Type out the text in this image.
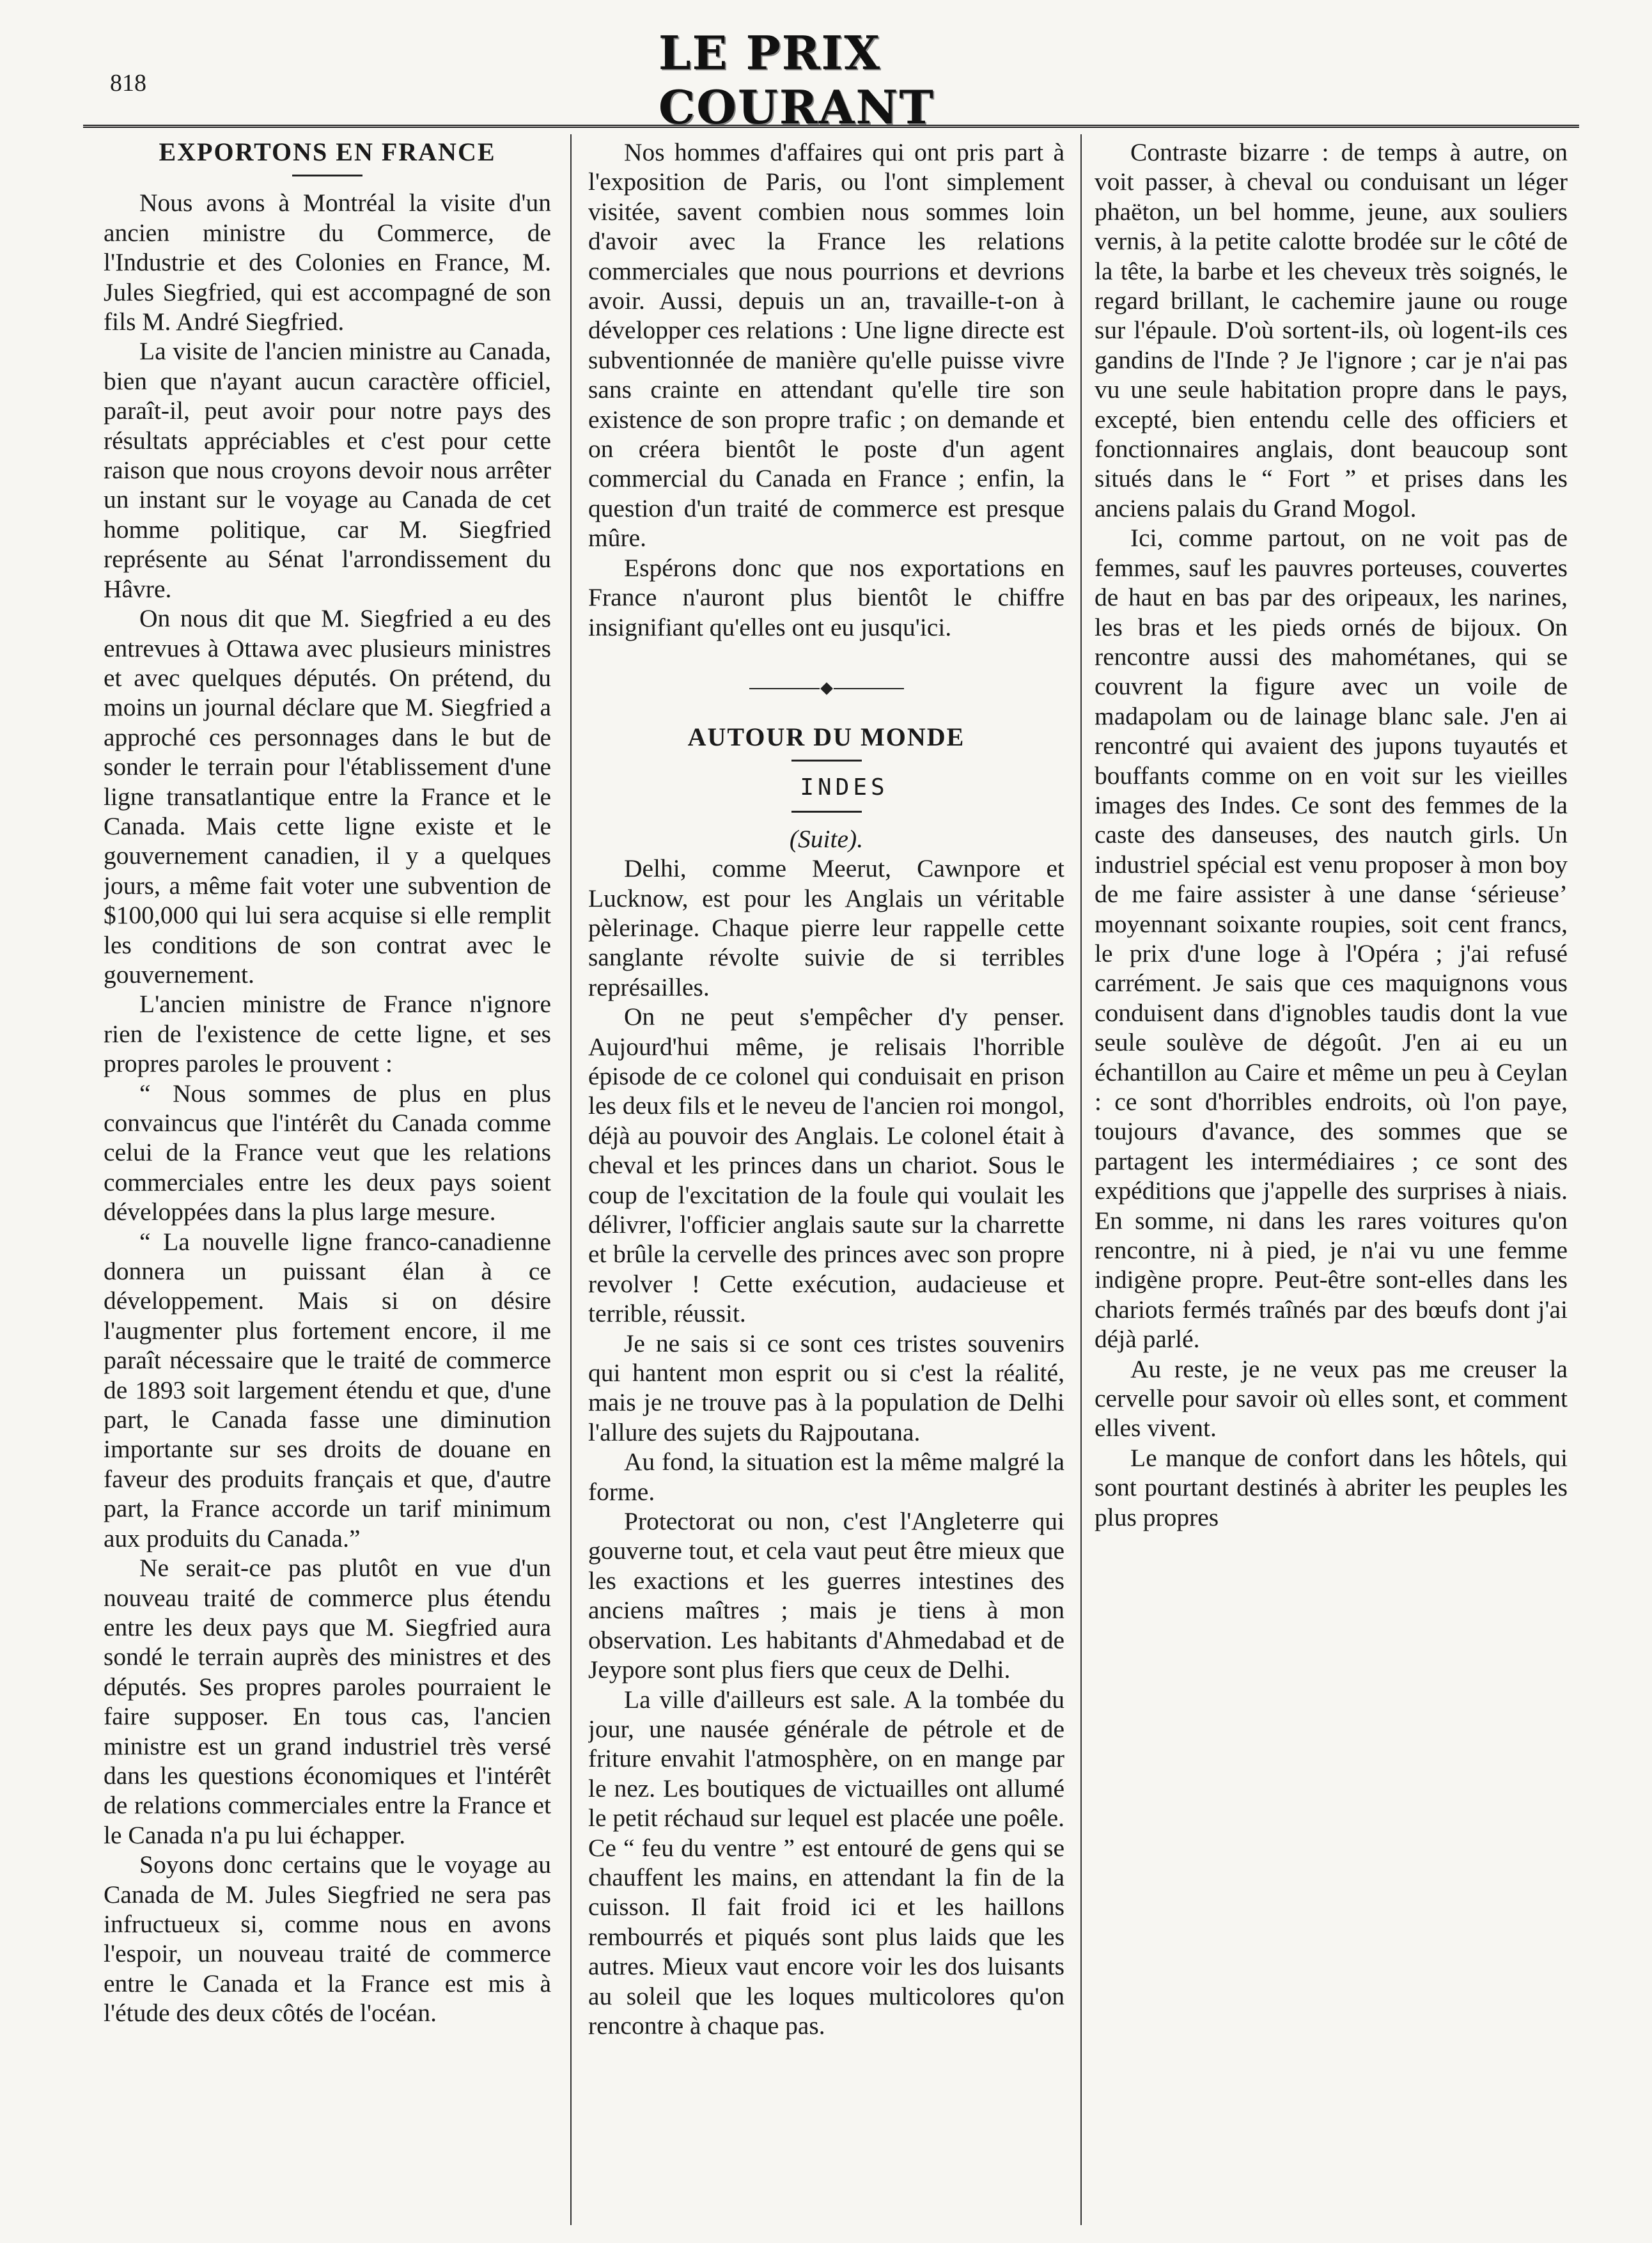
818
LE PRIX COURANT

EXPORTONS EN FRANCE

Nous avons à Montréal la visite d'un ancien ministre du Commerce, de l'Industrie et des Colonies en France, M. Jules Siegfried, qui est accompagné de son fils M. André Siegfried.

La visite de l'ancien ministre au Canada, bien que n'ayant aucun caractère officiel, paraît-il, peut avoir pour notre pays des résultats appréciables et c'est pour cette raison que nous croyons devoir nous arrêter un instant sur le voyage au Canada de cet homme politique, car M. Siegfried représente au Sénat l'arrondissement du Hâvre.

On nous dit que M. Siegfried a eu des entrevues à Ottawa avec plusieurs ministres et avec quelques députés. On prétend, du moins un journal déclare que M. Siegfried a approché ces personnages dans le but de sonder le terrain pour l'établissement d'une ligne transatlantique entre la France et le Canada. Mais cette ligne existe et le gouvernement canadien, il y a quelques jours, a même fait voter une subvention de $100,000 qui lui sera acquise si elle remplit les conditions de son contrat avec le gouvernement.

L'ancien ministre de France n'ignore rien de l'existence de cette ligne, et ses propres paroles le prouvent :

“ Nous sommes de plus en plus convaincus que l'intérêt du Canada comme celui de la France veut que les relations commerciales entre les deux pays soient développées dans la plus large mesure.

“ La nouvelle ligne franco-canadienne donnera un puissant élan à ce développement. Mais si on désire l'augmenter plus fortement encore, il me paraît nécessaire que le traité de commerce de 1893 soit largement étendu et que, d'une part, le Canada fasse une diminution importante sur ses droits de douane en faveur des produits français et que, d'autre part, la France accorde un tarif minimum aux produits du Canada.”

Ne serait-ce pas plutôt en vue d'un nouveau traité de commerce plus étendu entre les deux pays que M. Siegfried aura sondé le terrain auprès des ministres et des députés. Ses propres paroles pourraient le faire supposer. En tous cas, l'ancien ministre est un grand industriel très versé dans les questions économiques et l'intérêt de relations commerciales entre la France et le Canada n'a pu lui échapper.

Soyons donc certains que le voyage au Canada de M. Jules Siegfried ne sera pas infructueux si, comme nous en avons l'espoir, un nouveau traité de commerce entre le Canada et la France est mis à l'étude des deux côtés de l'océan.

Nos hommes d'affaires qui ont pris part à l'exposition de Paris, ou l'ont simplement visitée, savent combien nous sommes loin d'avoir avec la France les relations commerciales que nous pourrions et devrions avoir. Aussi, depuis un an, travaille-t-on à développer ces relations : Une ligne directe est subventionnée de manière qu'elle puisse vivre sans crainte en attendant qu'elle tire son existence de son propre trafic ; on demande et on créera bientôt le poste d'un agent commercial du Canada en France ; enfin, la question d'un traité de commerce est presque mûre.

Espérons donc que nos exportations en France n'auront plus bientôt le chiffre insignifiant qu'elles ont eu jusqu'ici.

AUTOUR DU MONDE

INDES

(Suite).

Delhi, comme Meerut, Cawnpore et Lucknow, est pour les Anglais un véritable pèlerinage. Chaque pierre leur rappelle cette sanglante révolte suivie de si terribles représailles.

On ne peut s'empêcher d'y penser. Aujourd'hui même, je relisais l'horrible épisode de ce colonel qui conduisait en prison les deux fils et le neveu de l'ancien roi mongol, déjà au pouvoir des Anglais. Le colonel était à cheval et les princes dans un chariot. Sous le coup de l'excitation de la foule qui voulait les délivrer, l'officier anglais saute sur la charrette et brûle la cervelle des princes avec son propre revolver ! Cette exécution, audacieuse et terrible, réussit.

Je ne sais si ce sont ces tristes souvenirs qui hantent mon esprit ou si c'est la réalité, mais je ne trouve pas à la population de Delhi l'allure des sujets du Rajpoutana.

Au fond, la situation est la même malgré la forme.

Protectorat ou non, c'est l'Angleterre qui gouverne tout, et cela vaut peut être mieux que les exactions et les guerres intestines des anciens maîtres ; mais je tiens à mon observation. Les habitants d'Ahmedabad et de Jeypore sont plus fiers que ceux de Delhi.

La ville d'ailleurs est sale. A la tombée du jour, une nausée générale de pétrole et de friture envahit l'atmosphère, on en mange par le nez. Les boutiques de victuailles ont allumé le petit réchaud sur lequel est placée une poêle. Ce “ feu du ventre ” est entouré de gens qui se chauffent les mains, en attendant la fin de la cuisson. Il fait froid ici et les haillons rembourrés et piqués sont plus laids que les autres. Mieux vaut encore voir les dos luisants au soleil que les loques multicolores qu'on rencontre à chaque pas.

Contraste bizarre : de temps à autre, on voit passer, à cheval ou conduisant un léger phaëton, un bel homme, jeune, aux souliers vernis, à la petite calotte brodée sur le côté de la tête, la barbe et les cheveux très soignés, le regard brillant, le cachemire jaune ou rouge sur l'épaule. D'où sortent-ils, où logent-ils ces gandins de l'Inde ? Je l'ignore ; car je n'ai pas vu une seule habitation propre dans le pays, excepté, bien entendu celle des officiers et fonctionnaires anglais, dont beaucoup sont situés dans le “ Fort ” et prises dans les anciens palais du Grand Mogol.

Ici, comme partout, on ne voit pas de femmes, sauf les pauvres porteuses, couvertes de haut en bas par des oripeaux, les narines, les bras et les pieds ornés de bijoux. On rencontre aussi des mahométanes, qui se couvrent la figure avec un voile de madapolam ou de lainage blanc sale. J'en ai rencontré qui avaient des jupons tuyautés et bouffants comme on en voit sur les vieilles images des Indes. Ce sont des femmes de la caste des danseuses, des nautch girls. Un industriel spécial est venu proposer à mon boy de me faire assister à une danse ‘sérieuse’ moyennant soixante roupies, soit cent francs, le prix d'une loge à l'Opéra ; j'ai refusé carrément. Je sais que ces maquignons vous conduisent dans d'ignobles taudis dont la vue seule soulève de dégoût. J'en ai eu un échantillon au Caire et même un peu à Ceylan : ce sont d'horribles endroits, où l'on paye, toujours d'avance, des sommes que se partagent les intermédiaires ; ce sont des expéditions que j'appelle des surprises à niais. En somme, ni dans les rares voitures qu'on rencontre, ni à pied, je n'ai vu une femme indigène propre. Peut-être sont-elles dans les chariots fermés traînés par des bœufs dont j'ai déjà parlé.

Au reste, je ne veux pas me creuser la cervelle pour savoir où elles sont, et comment elles vivent.

Le manque de confort dans les hôtels, qui sont pourtant destinés à abriter les peuples les plus propres
